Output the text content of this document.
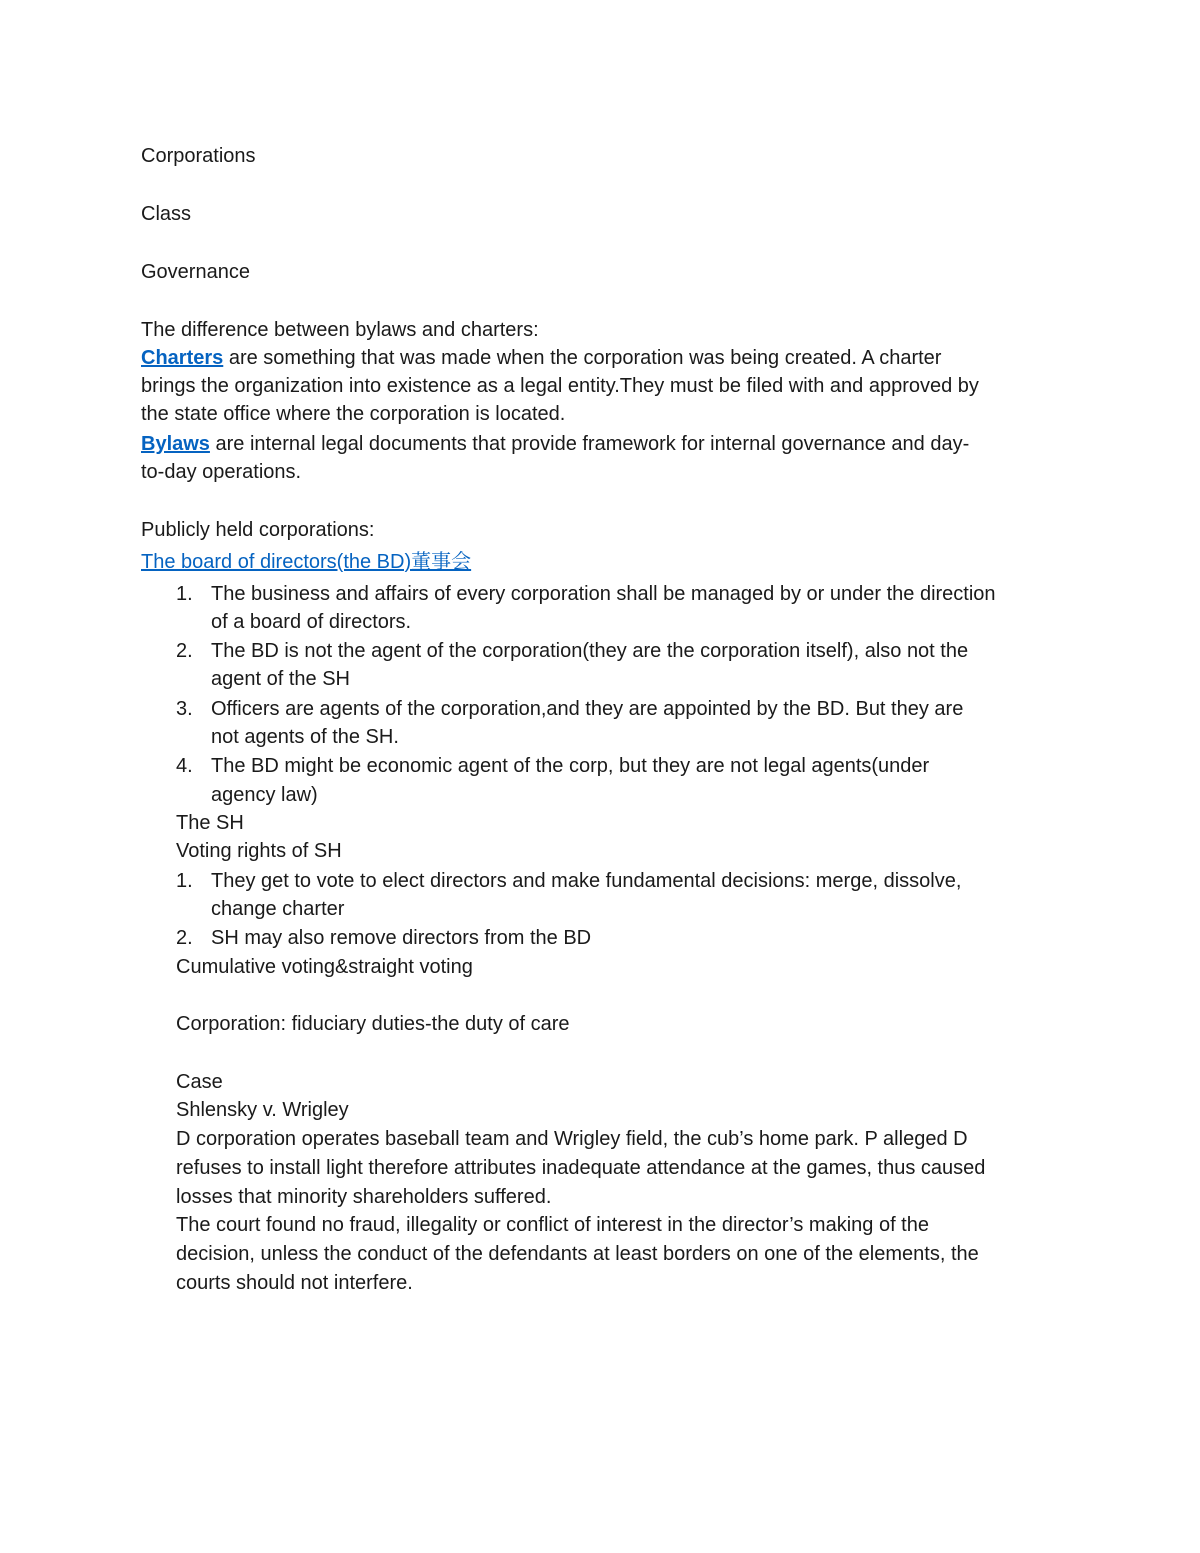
Corporations
Class
Governance
The difference between bylaws and charters:
Charters are something that was made when the corporation was being created. A charter
brings the organization into existence as a legal entity.They must be filed with and approved by
the state office where the corporation is located.
Bylaws are internal legal documents that provide framework for internal governance and day-
to-day operations.
Publicly held corporations:
The board of directors(the BD)董事会
1. The business and affairs of every corporation shall be managed by or under the direction
of a board of directors.
2. The BD is not the agent of the corporation(they are the corporation itself), also not the
agent of the SH
3. Officers are agents of the corporation,and they are appointed by the BD. But they are
not agents of the SH.
4. The BD might be economic agent of the corp, but they are not legal agents(under
agency law)
The SH
Voting rights of SH
1. They get to vote to elect directors and make fundamental decisions: merge, dissolve,
change charter
2. SH may also remove directors from the BD
Cumulative voting&straight voting
Corporation: fiduciary duties-the duty of care
Case
Shlensky v. Wrigley
D corporation operates baseball team and Wrigley field, the cub’s home park. P alleged D
refuses to install light therefore attributes inadequate attendance at the games, thus caused
losses that minority shareholders suffered.
The court found no fraud, illegality or conflict of interest in the director’s making of the
decision, unless the conduct of the defendants at least borders on one of the elements, the
courts should not interfere.
